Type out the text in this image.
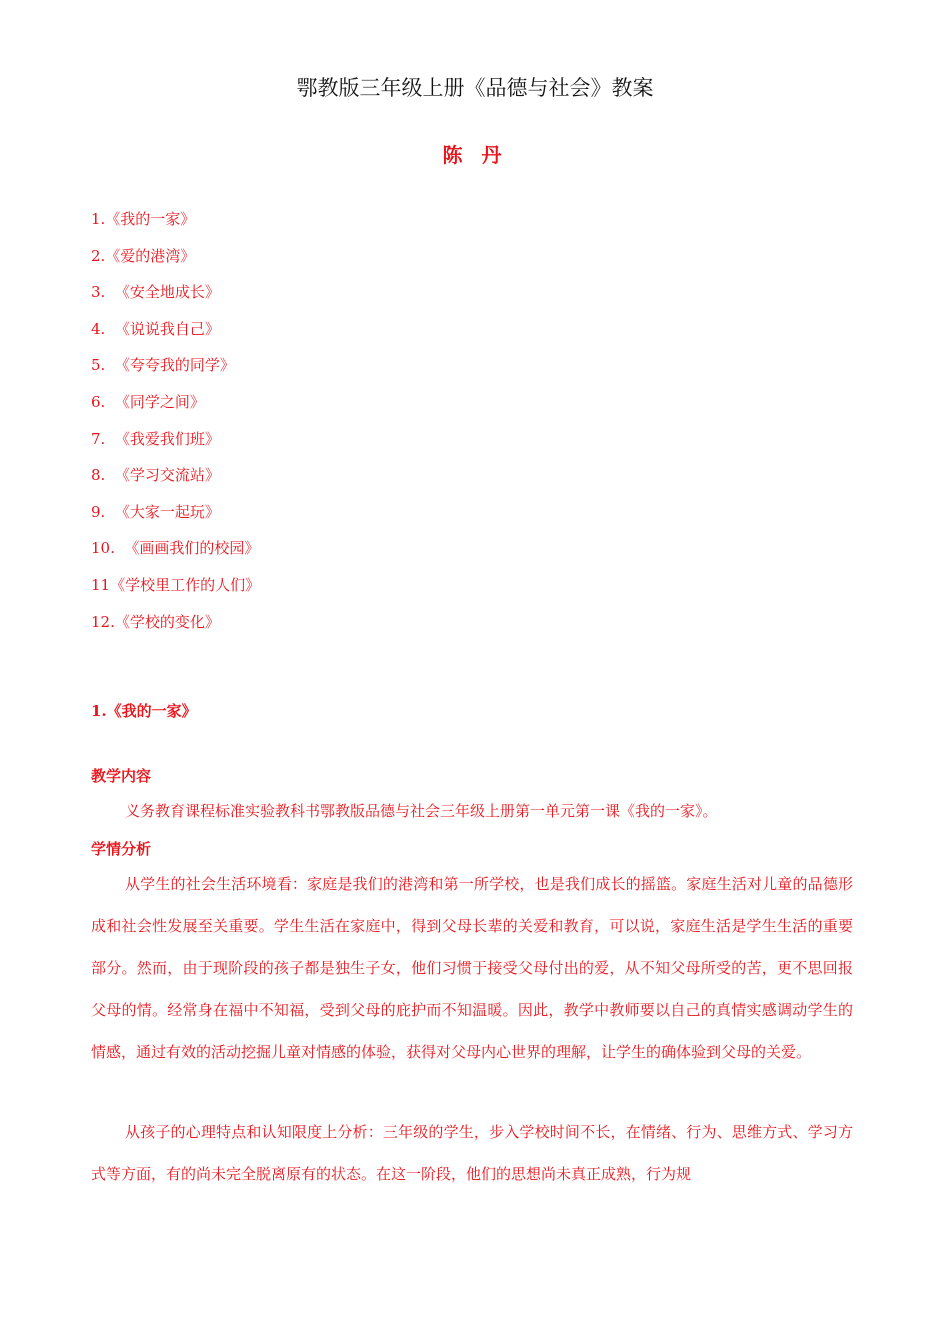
鄂教版三年级上册《品德与社会》教案
陈 丹
1.《我的一家》
2.《爱的港湾》
3.  《安全地成长》
4.  《说说我自己》
5.  《夸夸我的同学》
6.  《同学之间》
7.  《我爱我们班》
8.  《学习交流站》
9.  《大家一起玩》
10.  《画画我们的校园》
11《学校里工作的人们》
12.《学校的变化》
1.《我的一家》
教学内容

义务教育课程标准实验教科书鄂教版品德与社会三年级上册第一单元第一课《我的一家》。

学情分析

从学生的社会生活环境看：家庭是我们的港湾和第一所学校，也是我们成长的摇篮。家庭生活对儿童的品德形成和社会性发展至关重要。学生生活在家庭中，得到父母长辈的关爱和教育，可以说，家庭生活是学生生活的重要部分。然而，由于现阶段的孩子都是独生子女，他们习惯于接受父母付出的爱，从不知父母所受的苦，更不思回报父母的情。经常身在福中不知福，受到父母的庇护而不知温暖。因此，教学中教师要以自己的真情实感调动学生的情感，通过有效的活动挖掘儿童对情感的体验，获得对父母内心世界的理解，让学生的确体验到父母的关爱。

从孩子的心理特点和认知限度上分析：三年级的学生，步入学校时间不长，在情绪、行为、思维方式、学习方式等方面，有的尚未完全脱离原有的状态。在这一阶段，他们的思想尚未真正成熟，行为规
